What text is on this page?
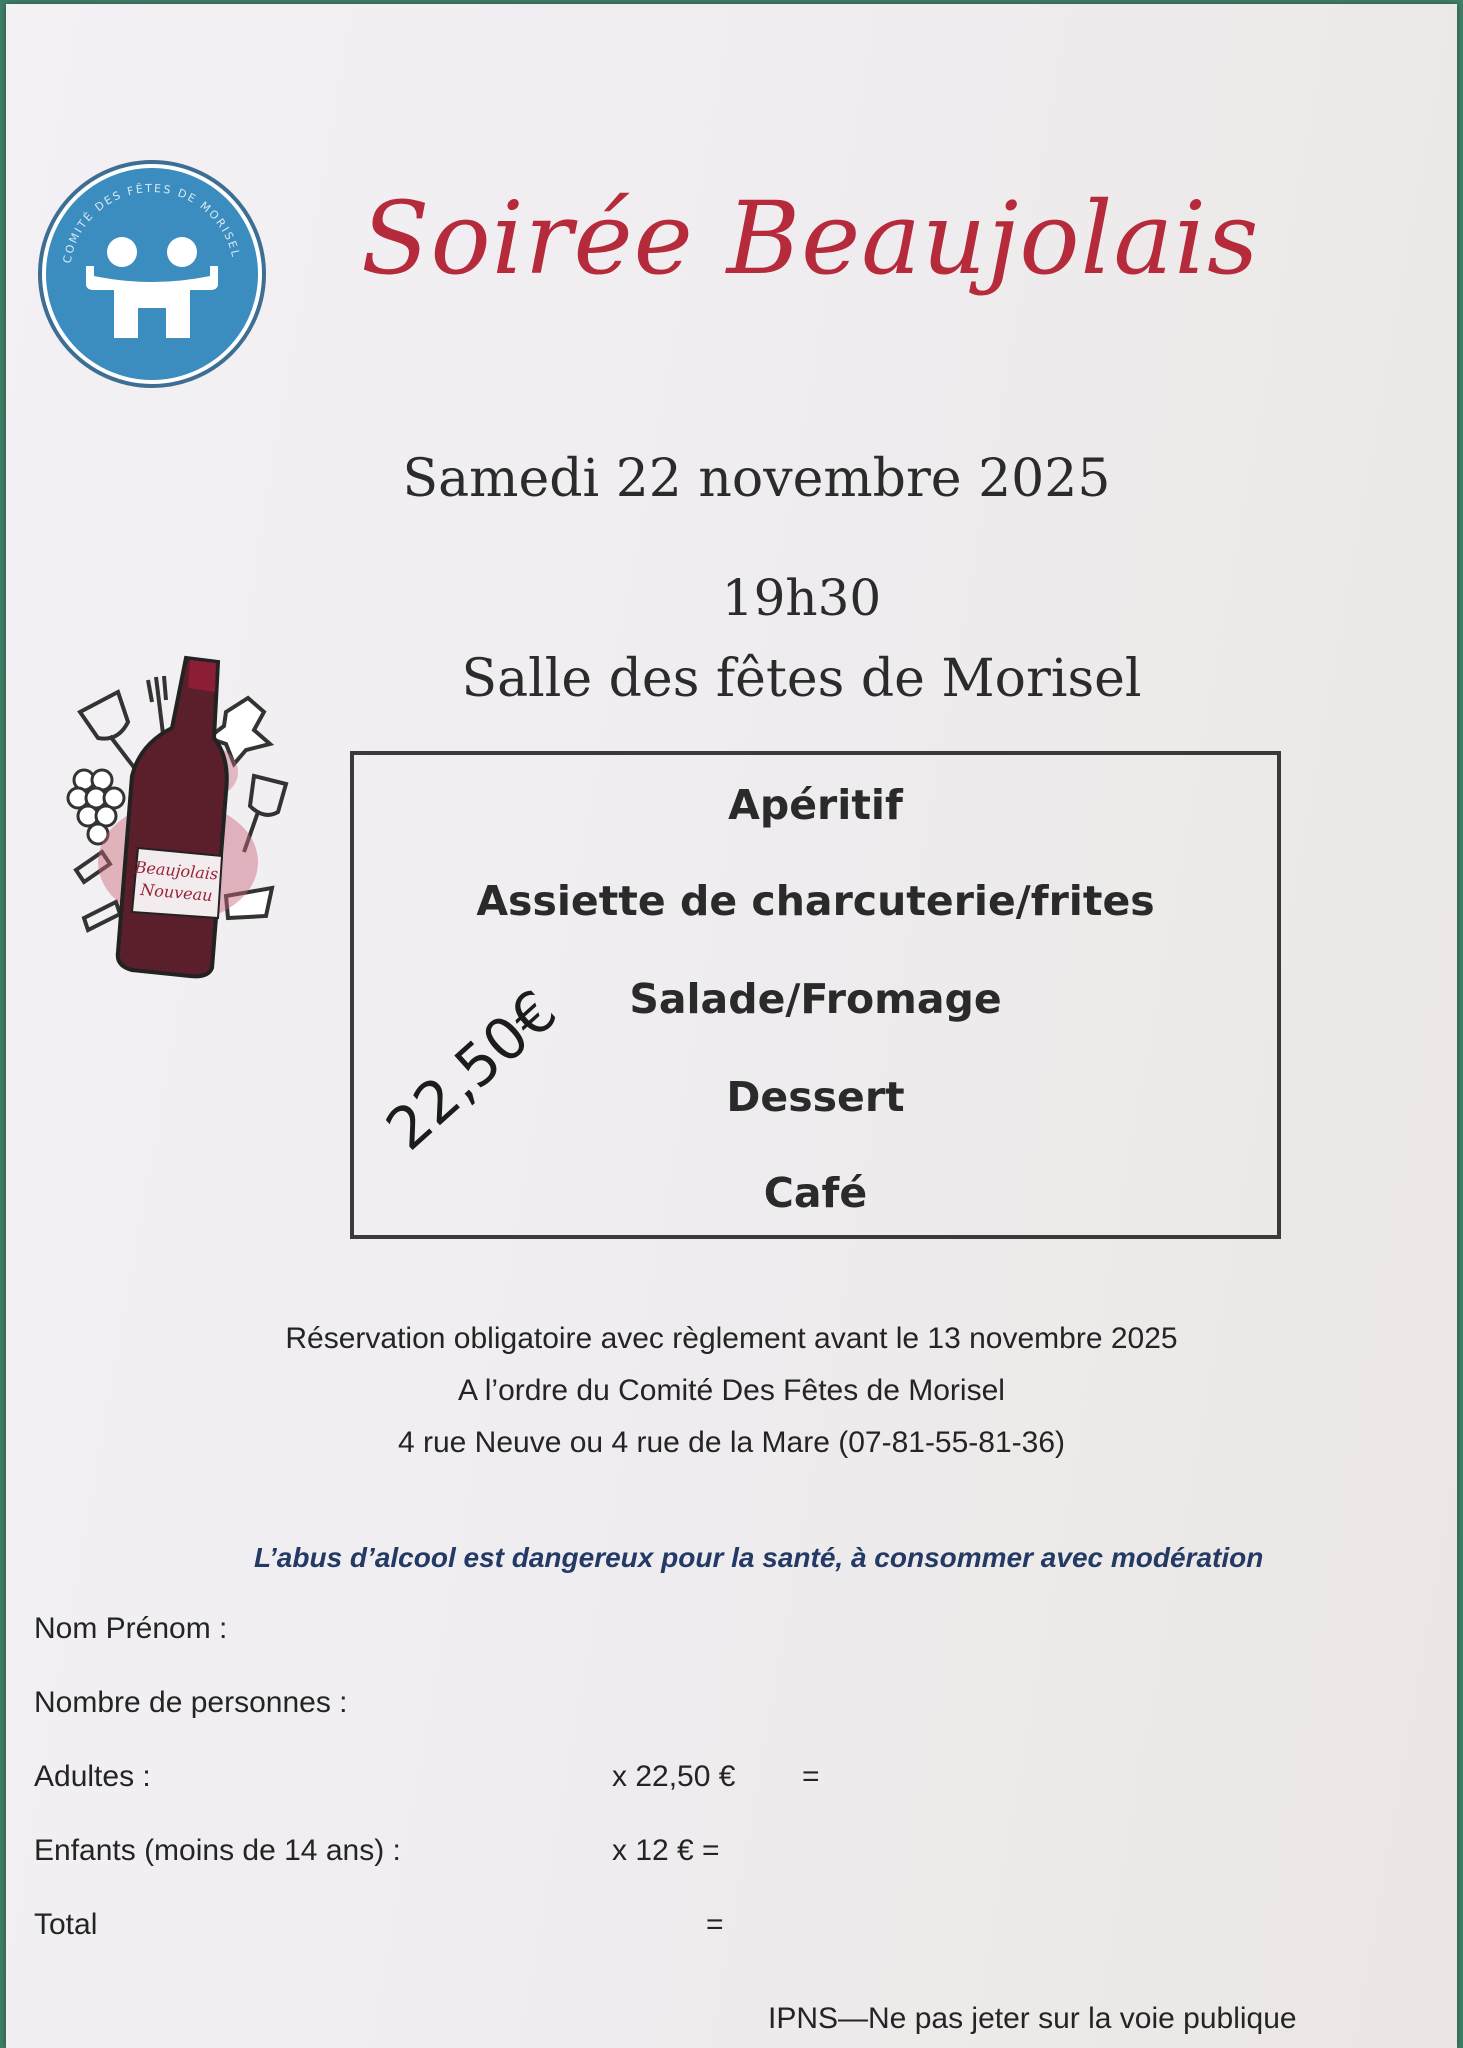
COMITÉ DES FÊTES DE MORISEL Soirée Beaujolais
Samedi 22 novembre 2025
19h30
Salle des fêtes de Morisel
Beaujolais
Nouveau
Apéritif
Assiette de charcuterie/frites
Salade/Fromage
Dessert
Café
22,50€
Réservation obligatoire avec règlement avant le 13 novembre 2025
A l’ordre du Comité Des Fêtes de Morisel
4 rue Neuve ou 4 rue de la Mare (07-81-55-81-36)
L’abus d’alcool est dangereux pour la santé, à consommer avec modération
Nom Prénom :
Nombre de personnes :
Adultes :	x 22,50 € =
Enfants (moins de 14 ans) :	x 12 € =
Total	=
IPNS—Ne pas jeter sur la voie publique
